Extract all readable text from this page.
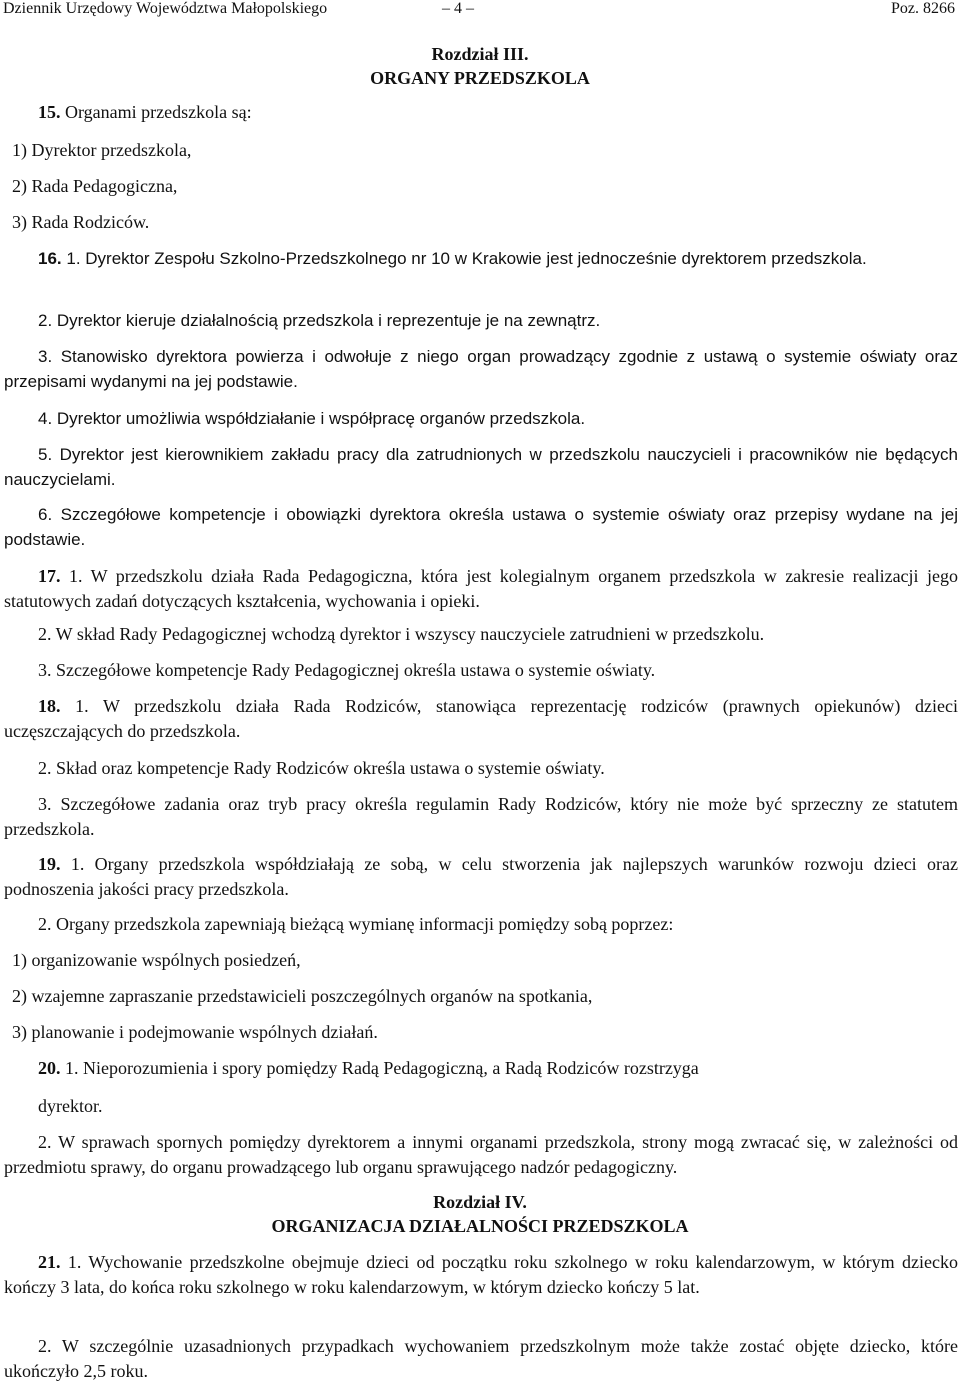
Dziennik Urzędowy Województwa Małopolskiego	– 4 –	Poz. 8266
Rozdział III.
ORGANY PRZEDSZKOLA
15. Organami przedszkola są:
1) Dyrektor przedszkola,
2) Rada Pedagogiczna,
3) Rada Rodziców.
16. 1. Dyrektor Zespołu Szkolno-Przedszkolnego nr 10 w Krakowie jest jednocześnie dyrektorem przedszkola.
2. Dyrektor kieruje działalnością przedszkola i reprezentuje je na zewnątrz.
3. Stanowisko dyrektora powierza i odwołuje z niego organ prowadzący zgodnie z ustawą o systemie oświaty oraz przepisami wydanymi na jej podstawie.
4. Dyrektor umożliwia współdziałanie i współpracę organów przedszkola.
5. Dyrektor jest kierownikiem zakładu pracy dla zatrudnionych w przedszkolu nauczycieli i pracowników nie będących nauczycielami.
6. Szczegółowe kompetencje i obowiązki dyrektora określa ustawa o systemie oświaty oraz przepisy wydane na jej podstawie.
17. 1. W przedszkolu działa Rada Pedagogiczna, która jest kolegialnym organem przedszkola w zakresie realizacji jego statutowych zadań dotyczących kształcenia, wychowania i opieki.
2. W skład Rady Pedagogicznej wchodzą dyrektor i wszyscy nauczyciele zatrudnieni w przedszkolu.
3. Szczegółowe kompetencje Rady Pedagogicznej określa ustawa o systemie oświaty.
18. 1. W przedszkolu działa Rada Rodziców, stanowiąca reprezentację rodziców (prawnych opiekunów) dzieci uczęszczających do przedszkola.
2. Skład oraz kompetencje Rady Rodziców określa ustawa o systemie oświaty.
3. Szczegółowe zadania oraz tryb pracy określa regulamin Rady Rodziców, który nie może być sprzeczny ze statutem przedszkola.
19. 1. Organy przedszkola współdziałają ze sobą, w celu stworzenia jak najlepszych warunków rozwoju dzieci oraz podnoszenia jakości pracy przedszkola.
2. Organy przedszkola zapewniają bieżącą wymianę informacji pomiędzy sobą poprzez:
1) organizowanie wspólnych posiedzeń,
2) wzajemne zapraszanie przedstawicieli poszczególnych organów na spotkania,
3) planowanie i podejmowanie wspólnych działań.
20. 1. Nieporozumienia i spory pomiędzy Radą Pedagogiczną, a Radą Rodziców rozstrzyga
dyrektor.
2. W sprawach spornych pomiędzy dyrektorem a innymi organami przedszkola, strony mogą zwracać się, w zależności od przedmiotu sprawy, do organu prowadzącego lub organu sprawującego nadzór pedagogiczny.
Rozdział IV.
ORGANIZACJA DZIAŁALNOŚCI PRZEDSZKOLA
21. 1. Wychowanie przedszkolne obejmuje dzieci od początku roku szkolnego w roku kalendarzowym, w którym dziecko kończy 3 lata, do końca roku szkolnego w roku kalendarzowym, w którym dziecko kończy 5 lat.
2. W szczególnie uzasadnionych przypadkach wychowaniem przedszkolnym może także zostać objęte dziecko, które ukończyło 2,5 roku.
